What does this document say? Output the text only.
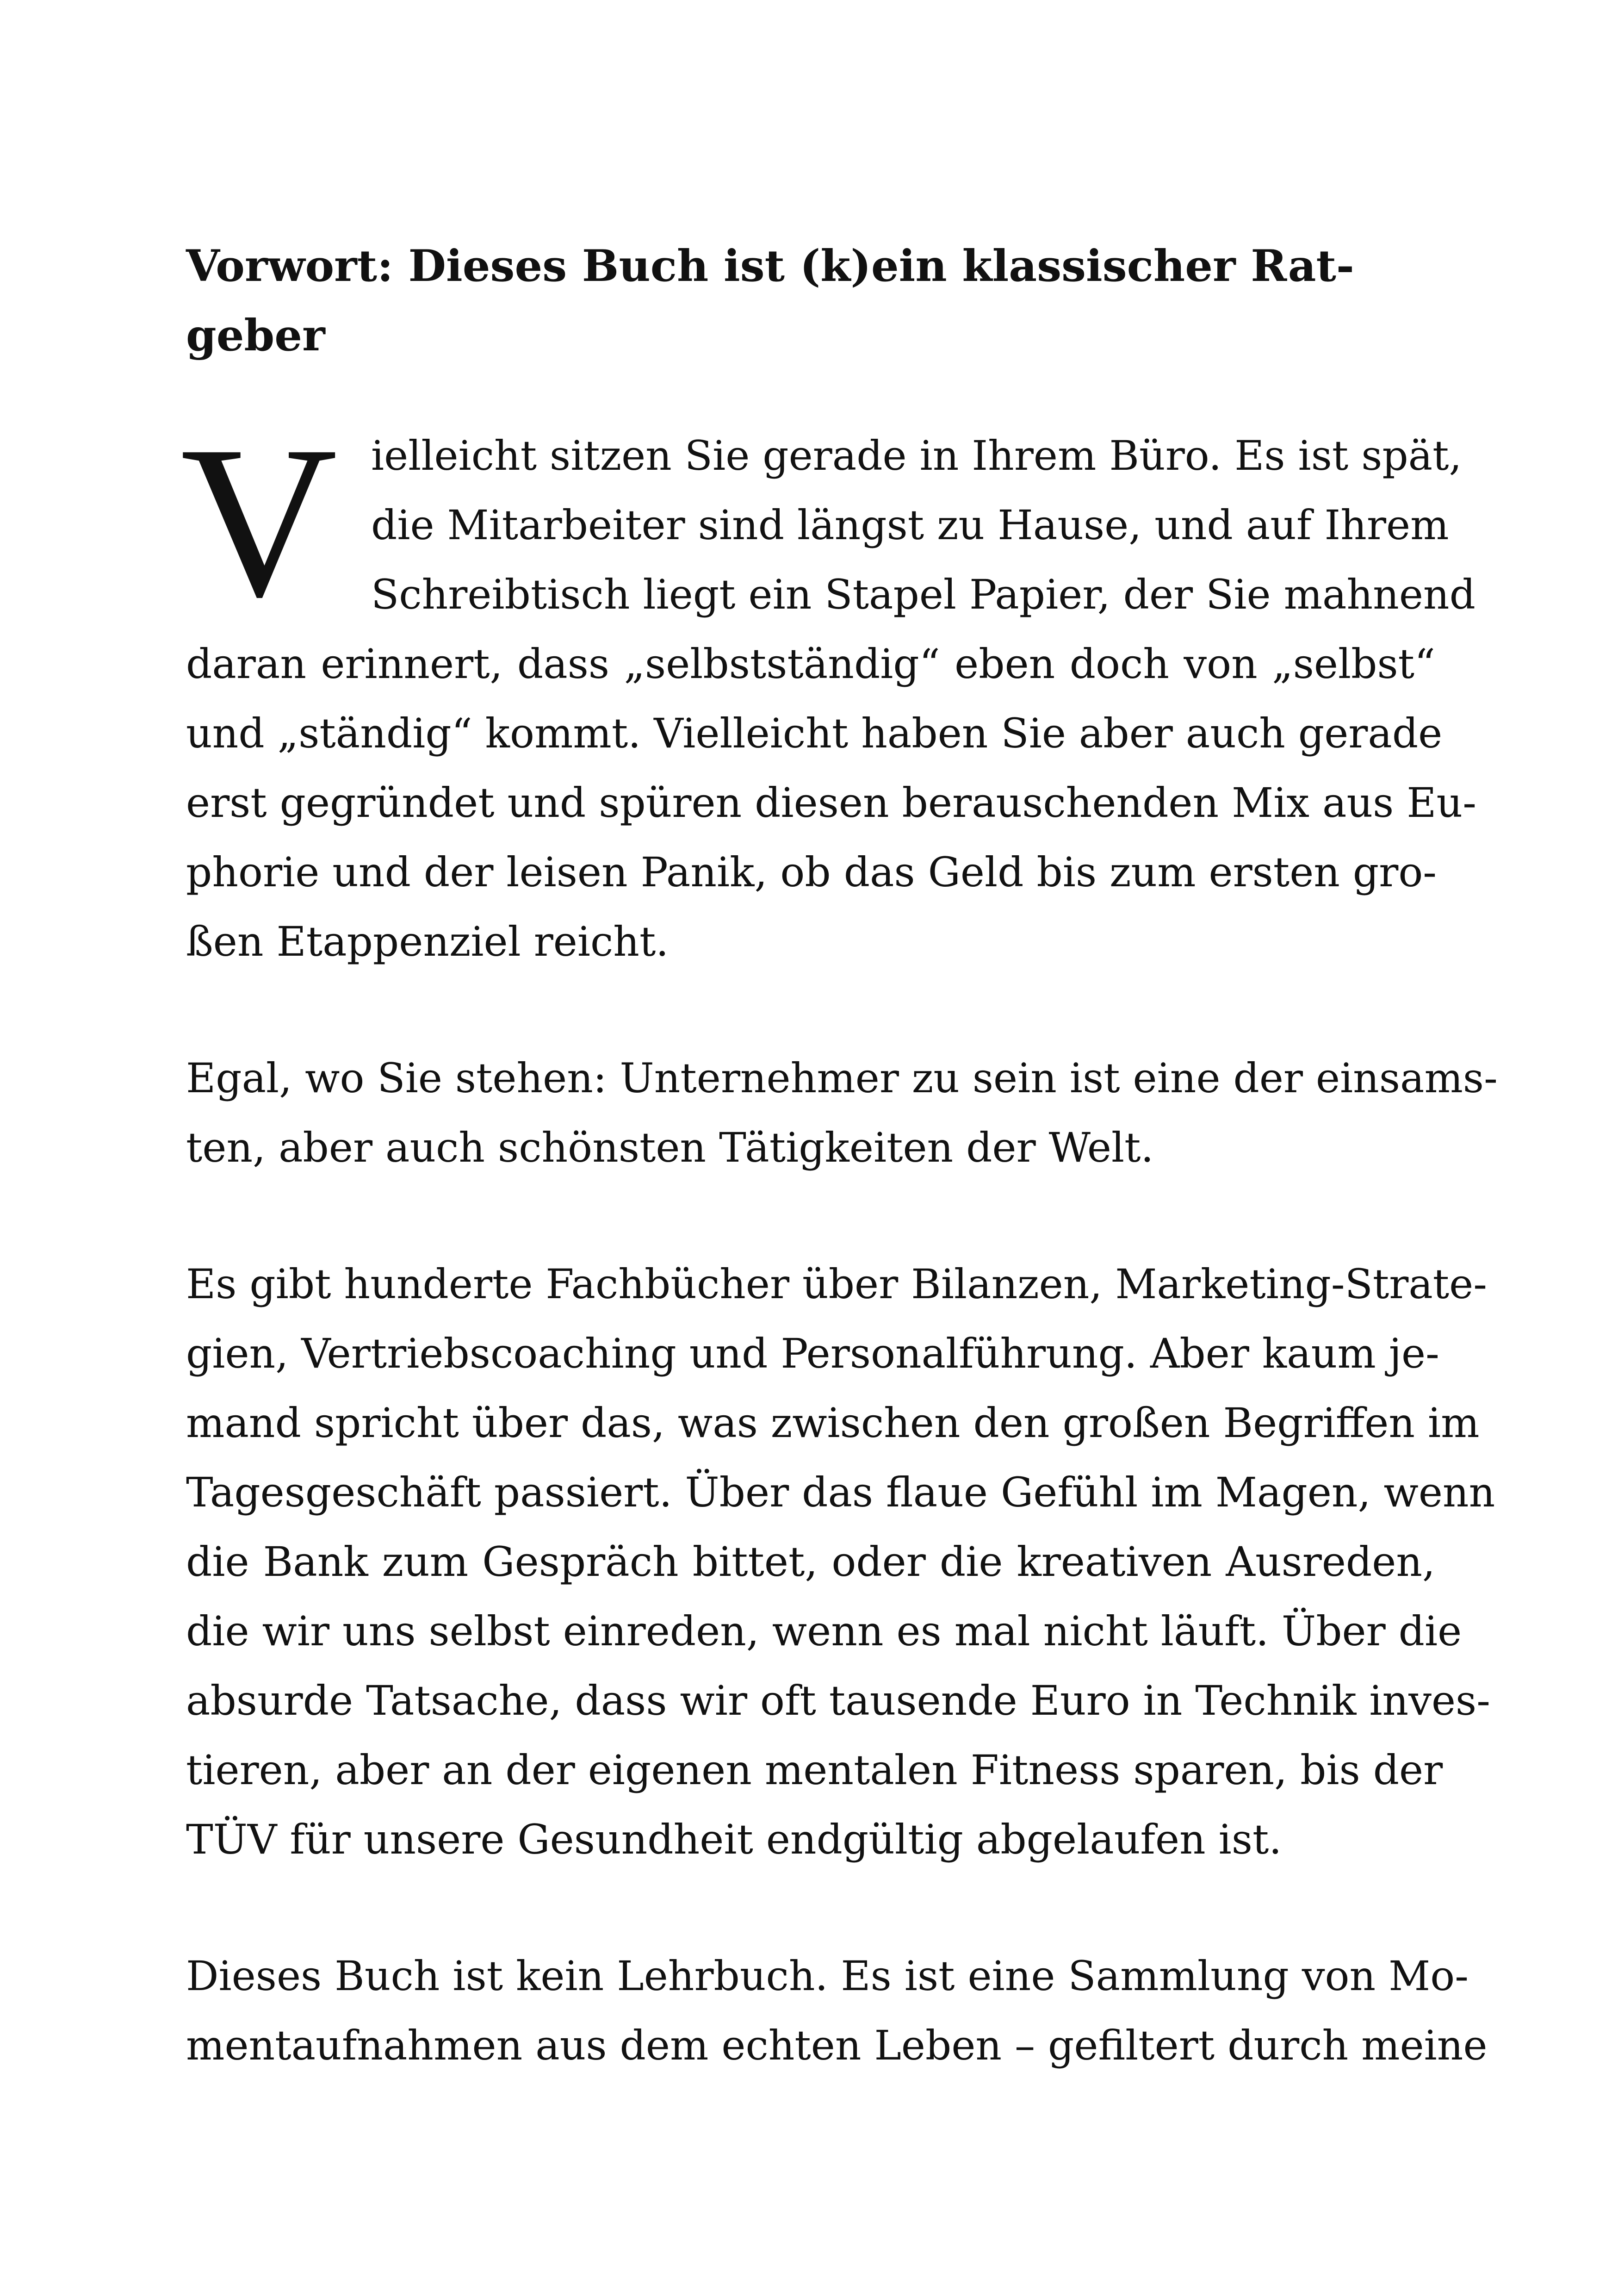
Vorwort: Dieses Buch ist (k)ein klassischer Rat-
geber
V ielleicht sitzen Sie gerade in Ihrem Büro. Es ist spät,
die Mitarbeiter sind längst zu Hause, und auf Ihrem
Schreibtisch liegt ein Stapel Papier, der Sie mahnend
daran erinnert, dass „selbstständig“ eben doch von „selbst“
und „ständig“ kommt. Vielleicht haben Sie aber auch gerade
erst gegründet und spüren diesen berauschenden Mix aus Eu-
phorie und der leisen Panik, ob das Geld bis zum ersten gro-
ßen Etappenziel reicht.
Egal, wo Sie stehen: Unternehmer zu sein ist eine der einsams-
ten, aber auch schönsten Tätigkeiten der Welt.
Es gibt hunderte Fachbücher über Bilanzen, Marketing-Strate-
gien, Vertriebscoaching und Personalführung. Aber kaum je-
mand spricht über das, was zwischen den großen Begriffen im
Tagesgeschäft passiert. Über das flaue Gefühl im Magen, wenn
die Bank zum Gespräch bittet, oder die kreativen Ausreden,
die wir uns selbst einreden, wenn es mal nicht läuft. Über die
absurde Tatsache, dass wir oft tausende Euro in Technik inves-
tieren, aber an der eigenen mentalen Fitness sparen, bis der
TÜV für unsere Gesundheit endgültig abgelaufen ist.
Dieses Buch ist kein Lehrbuch. Es ist eine Sammlung von Mo-
mentaufnahmen aus dem echten Leben – gefiltert durch meine
